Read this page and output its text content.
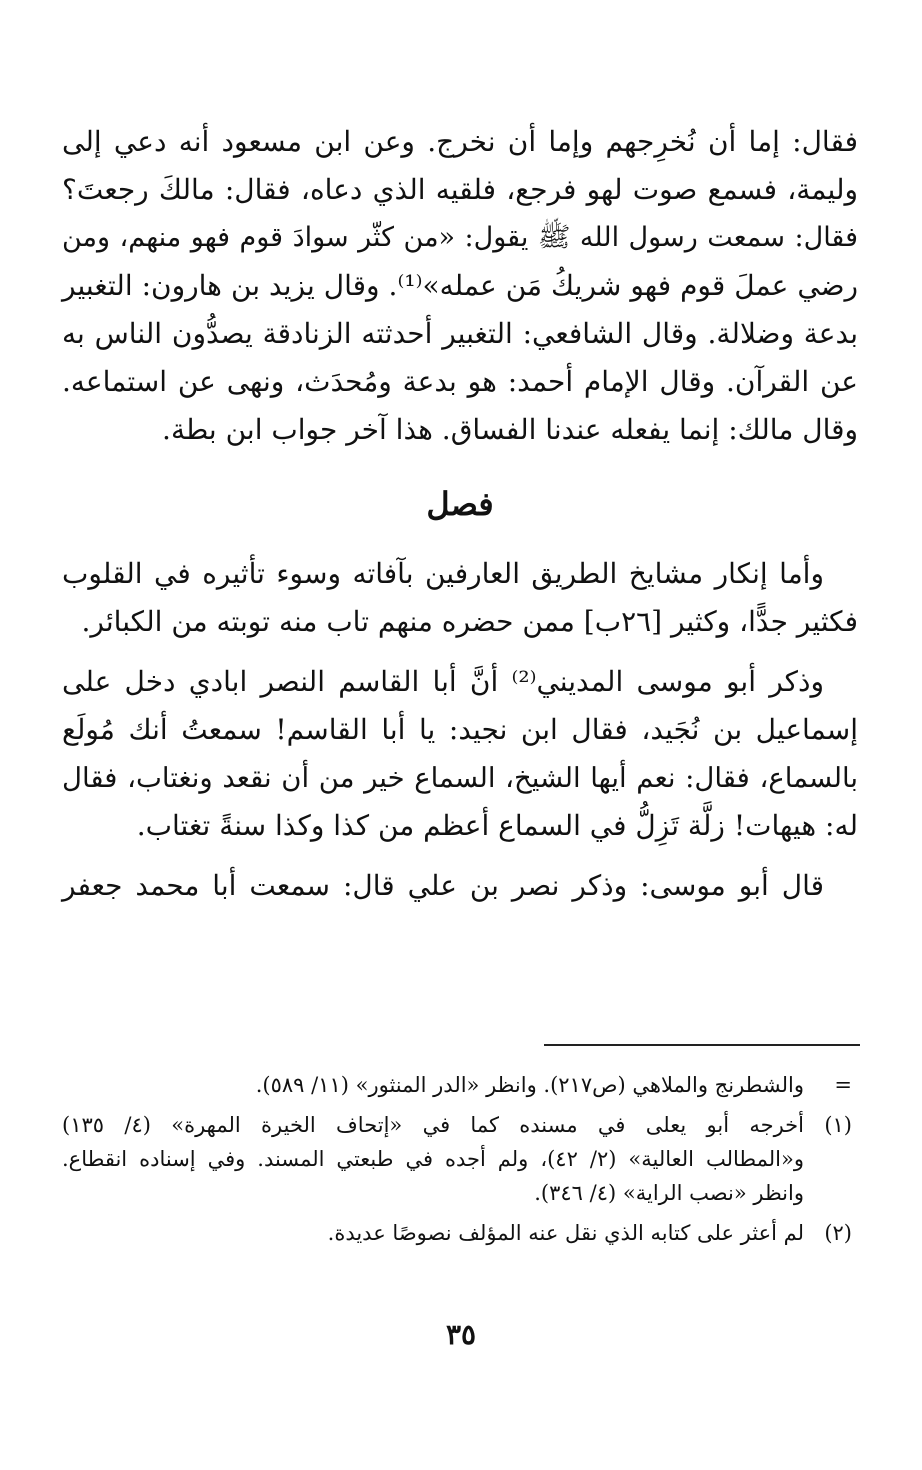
فقال: إما أن نُخرِجهم وإما أن نخرج. وعن ابن مسعود أنه دعي إلى
وليمة، فسمع صوت لهو فرجع، فلقيه الذي دعاه، فقال: مالكَ رجعتَ؟
فقال: سمعت رسول الله ﷺ يقول: «من كثّر سوادَ قوم فهو منهم، ومن
رضي عملَ قوم فهو شريكُ مَن عمله»⁽¹⁾. وقال يزيد بن هارون: التغبير
بدعة وضلالة. وقال الشافعي: التغبير أحدثته الزنادقة يصدُّون الناس به
عن القرآن. وقال الإمام أحمد: هو بدعة ومُحدَث، ونهى عن استماعه.
وقال مالك: إنما يفعله عندنا الفساق. هذا آخر جواب ابن بطة.
فصل
وأما إنكار مشايخ الطريق العارفين بآفاته وسوء تأثيره في القلوب
فكثير جدًّا، وكثير [٢٦ب] ممن حضره منهم تاب منه توبته من الكبائر.
وذكر أبو موسى المديني⁽²⁾ أنَّ أبا القاسم النصر ابادي دخل على
إسماعيل بن نُجَيد، فقال ابن نجيد: يا أبا القاسم! سمعتُ أنك مُولَع
بالسماع، فقال: نعم أيها الشيخ، السماع خير من أن نقعد ونغتاب، فقال
له: هيهات! زلَّة تَزِلُّ في السماع أعظم من كذا وكذا سنةً تغتاب.
قال أبو موسى: وذكر نصر بن علي قال: سمعت أبا محمد جعفر
=
والشطرنج والملاهي (ص٢١٧). وانظر «الدر المنثور» (١١/ ٥٨٩).
(١)
أخرجه أبو يعلى في مسنده كما في «إتحاف الخيرة المهرة» (٤/ ١٣٥)
و«المطالب العالية» (٢/ ٤٢)، ولم أجده في طبعتي المسند. وفي إسناده انقطاع.
وانظر «نصب الراية» (٤/ ٣٤٦).
(٢)
لم أعثر على كتابه الذي نقل عنه المؤلف نصوصًا عديدة.
٣٥
